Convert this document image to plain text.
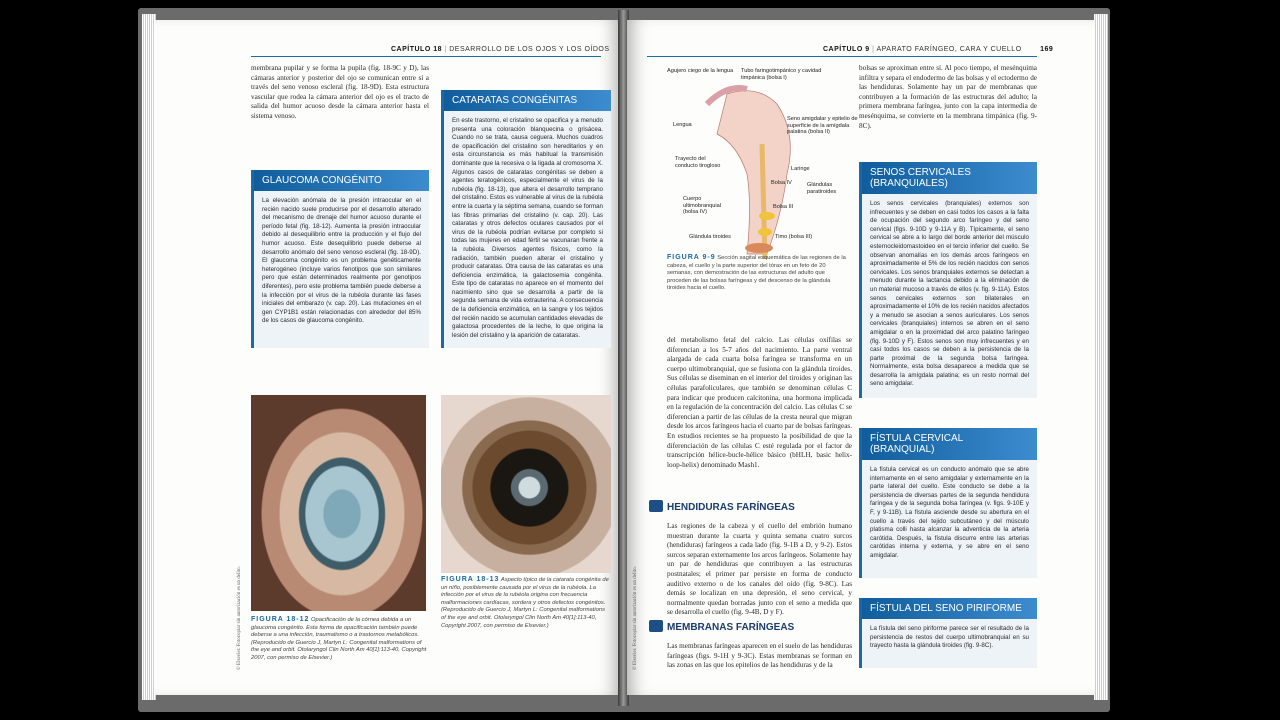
CAPÍTULO 18 | DESARROLLO DE LOS OJOS Y LOS OÍDOS
membrana pupilar y se forma la pupila (fig. 18-9C y D), las cámaras anterior y posterior del ojo se comunican entre sí a través del seno venoso escleral (fig. 18-9D). Esta estructura vascular que rodea la cámara anterior del ojo es el tracto de salida del humor acuoso desde la cámara anterior hasta el sistema venoso.
GLAUCOMA CONGÉNITO
La elevación anómala de la presión intraocular en el recién nacido suele producirse por el desarrollo alterado del mecanismo de drenaje del humor acuoso durante el período fetal (fig. 18-12). Aumenta la presión intraocular debido al desequilibrio entre la producción y el flujo del humor acuoso. Este desequilibrio puede deberse al desarrollo anómalo del seno venoso escleral (fig. 18-9D). El glaucoma congénito es un problema genéticamente heterogéneo (incluye varios fenotipos que son similares pero que están determinados realmente por genotipos diferentes), pero este problema también puede deberse a la infección por el virus de la rubéola durante las fases iniciales del embarazo (v. cap. 20). Las mutaciones en el gen CYP1B1 están relacionadas con alrededor del 85% de los casos de glaucoma congénito.
CATARATAS CONGÉNITAS
En este trastorno, el cristalino se opacifica y a menudo presenta una coloración blanquecina o grisácea. Cuando no se trata, causa ceguera. Muchos cuadros de opacificación del cristalino son hereditarios y en esta circunstancia es más habitual la transmisión dominante que la recesiva o la ligada al cromosoma X. Algunos casos de cataratas congénitas se deben a agentes teratogénicos, especialmente el virus de la rubéola (fig. 18-13), que altera el desarrollo temprano del cristalino. Estos es vulnerable al virus de la rubéola entre la cuarta y la séptima semana, cuando se forman las fibras primarias del cristalino (v. cap. 20). Las cataratas y otros defectos oculares causados por el virus de la rubéola podrían evitarse por completo si todas las mujeres en edad fértil se vacunaran frente a la rubéola. Diversos agentes físicos, como la radiación, también pueden alterar el cristalino y producir cataratas. Otra causa de las cataratas es una deficiencia enzimática, la galactosemia congénita. Este tipo de cataratas no aparece en el momento del nacimiento sino que se desarrolla a partir de la segunda semana de vida extrauterina. A consecuencia de la deficiencia enzimática, en la sangre y los tejidos del recién nacido se acumulan cantidades elevadas de galactosa procedentes de la leche, lo que origina la lesión del cristalino y la aparición de cataratas.
FIGURA 18-12 Opacificación de la córnea debida a un glaucoma congénito. Esta forma de opacificación también puede deberse a una infección, traumatismo o a trastornos metabólicos. (Reproducido de Guercio J, Martyn L: Congenital malformations of the eye and orbit. Otolaryngol Clin North Am 40[1]:113-40, Copyright 2007, con permiso de Elsevier.)
FIGURA 18-13 Aspecto típico de la catarata congénita de un niño, posiblemente causada por el virus de la rubéola. La infección por el virus de la rubéola origina con frecuencia malformaciones cardíacas, sordera y otros defectos congénitos. (Reproducido de Guercio J, Martyn L: Congenital malformations of the eye and orbit. Otolaryngol Clin North Am 40[1]:113-40, Copyright 2007, con permiso de Elsevier.)
© Elsevier. Fotocopiar sin autorización es un delito.
CAPÍTULO 9 | APARATO FARÍNGEO, CARA Y CUELLO	169
Agujero ciego de la lengua	Tubo faringotimpánico y cavidad timpánica (bolsa I)
Lengua
Seno amigdalar y epitelio de superficie de la amígdala palatina (bolsa II)
Trayecto del conducto tirogloso
Laringe
Bolsa IV	Glándulas paratiroides
Cuerpo ultimobranquial (bolsa IV)
Bolsa III
Glándula tiroides	Timo (bolsa III)
FIGURA 9-9 Sección sagital esquemática de las regiones de la cabeza, el cuello y la parte superior del tórax en un feto de 20 semanas, con demostración de las estructuras del adulto que proceden de las bolsas faríngeas y del descenso de la glándula tiroides hacia el cuello.
del metabolismo fetal del calcio. Las células oxífilas se diferencian a los 5-7 años del nacimiento. La parte ventral alargada de cada cuarta bolsa faríngea se transforma en un cuerpo ultimobranquial, que se fusiona con la glándula tiroides. Sus células se diseminan en el interior del tiroides y originan las células parafoliculares, que también se denominan células C para indicar que producen calcitonina, una hormona implicada en la regulación de la concentración del calcio. Las células C se diferencian a partir de las células de la cresta neural que migran desde los arcos faríngeos hacia el cuarto par de bolsas faríngeas. En estudios recientes se ha propuesto la posibilidad de que la diferenciación de las células C esté regulada por el factor de transcripción hélice-bucle-hélice básico (bHLH, basic helix-loop-helix) denominado Mash1.
HENDIDURAS FARÍNGEAS
Las regiones de la cabeza y el cuello del embrión humano muestran durante la cuarta y quinta semana cuatro surcos (hendiduras) faríngeos a cada lado (fig. 9-1B a D, y 9-2). Estos surcos separan externamente los arcos faríngeos. Solamente hay un par de hendiduras que contribuyen a las estructuras postnatales; el primer par persiste en forma de conducto auditivo externo o de los canales del oído (fig. 9-8C). Las demás se localizan en una depresión, el seno cervical, y normalmente quedan borradas junto con el seno a medida que se desarrolla el cuello (fig. 9-4B, D y F).
MEMBRANAS FARÍNGEAS
Las membranas faríngeas aparecen en el suelo de las hendiduras faríngeas (figs. 9-1H y 9-3C). Estas membranas se forman en las zonas en las que los epitelios de las hendiduras y de la
bolsas se aproximan entre sí. Al poco tiempo, el mesénquima infiltra y separa el endodermo de las bolsas y el ectodermo de las hendiduras. Solamente hay un par de membranas que contribuyen a la formación de las estructuras del adulto; la primera membrana faríngea, junto con la capa intermedia de mesénquima, se convierte en la membrana timpánica (fig. 9-8C).
SENOS CERVICALES (BRANQUIALES)
Los senos cervicales (branquiales) externos son infrecuentes y se deben en casi todos los casos a la falta de ocupación del segundo arco faríngeo y del seno cervical (figs. 9-10D y 9-11A y B). Típicamente, el seno cervical se abre a lo largo del borde anterior del músculo esternocleidomastoideo en el tercio inferior del cuello. Se observan anomalías en los demás arcos faríngeos en aproximadamente el 5% de los recién nacidos con senos cervicales. Los senos branquiales externos se detectan a menudo durante la lactancia debido a la eliminación de un material mucoso a través de ellos (v. fig. 9-11A). Estos senos cervicales externos son bilaterales en aproximadamente el 10% de los recién nacidos afectados y a menudo se asocian a senos auriculares. Los senos cervicales (branquiales) internos se abren en el seno amigdalar o en la proximidad del arco palatino faríngeo (fig. 9-10D y F). Estos senos son muy infrecuentes y en casi todos los casos se deben a la persistencia de la parte proximal de la segunda bolsa faríngea. Normalmente, esta bolsa desaparece a medida que se desarrolla la amígdala palatina; es un resto normal del seno amigdalar.
FÍSTULA CERVICAL (BRANQUIAL)
La fístula cervical es un conducto anómalo que se abre internamente en el seno amigdalar y externamente en la parte lateral del cuello. Este conducto se debe a la persistencia de diversas partes de la segunda hendidura faríngea y de la segunda bolsa faríngea (v. figs. 9-10E y F, y 9-11B). La fístula asciende desde su abertura en el cuello a través del tejido subcutáneo y del músculo platisma colli hasta alcanzar la adventicia de la arteria carótida. Después, la fístula discurre entre las arterias carótidas interna y externa, y se abre en el seno amigdalar.
FÍSTULA DEL SENO PIRIFORME
La fístula del seno piriforme parece ser el resultado de la persistencia de restos del cuerpo ultimobranquial en su trayecto hasta la glándula tiroides (fig. 9-8C).
© Elsevier. Fotocopiar sin autorización es un delito.
